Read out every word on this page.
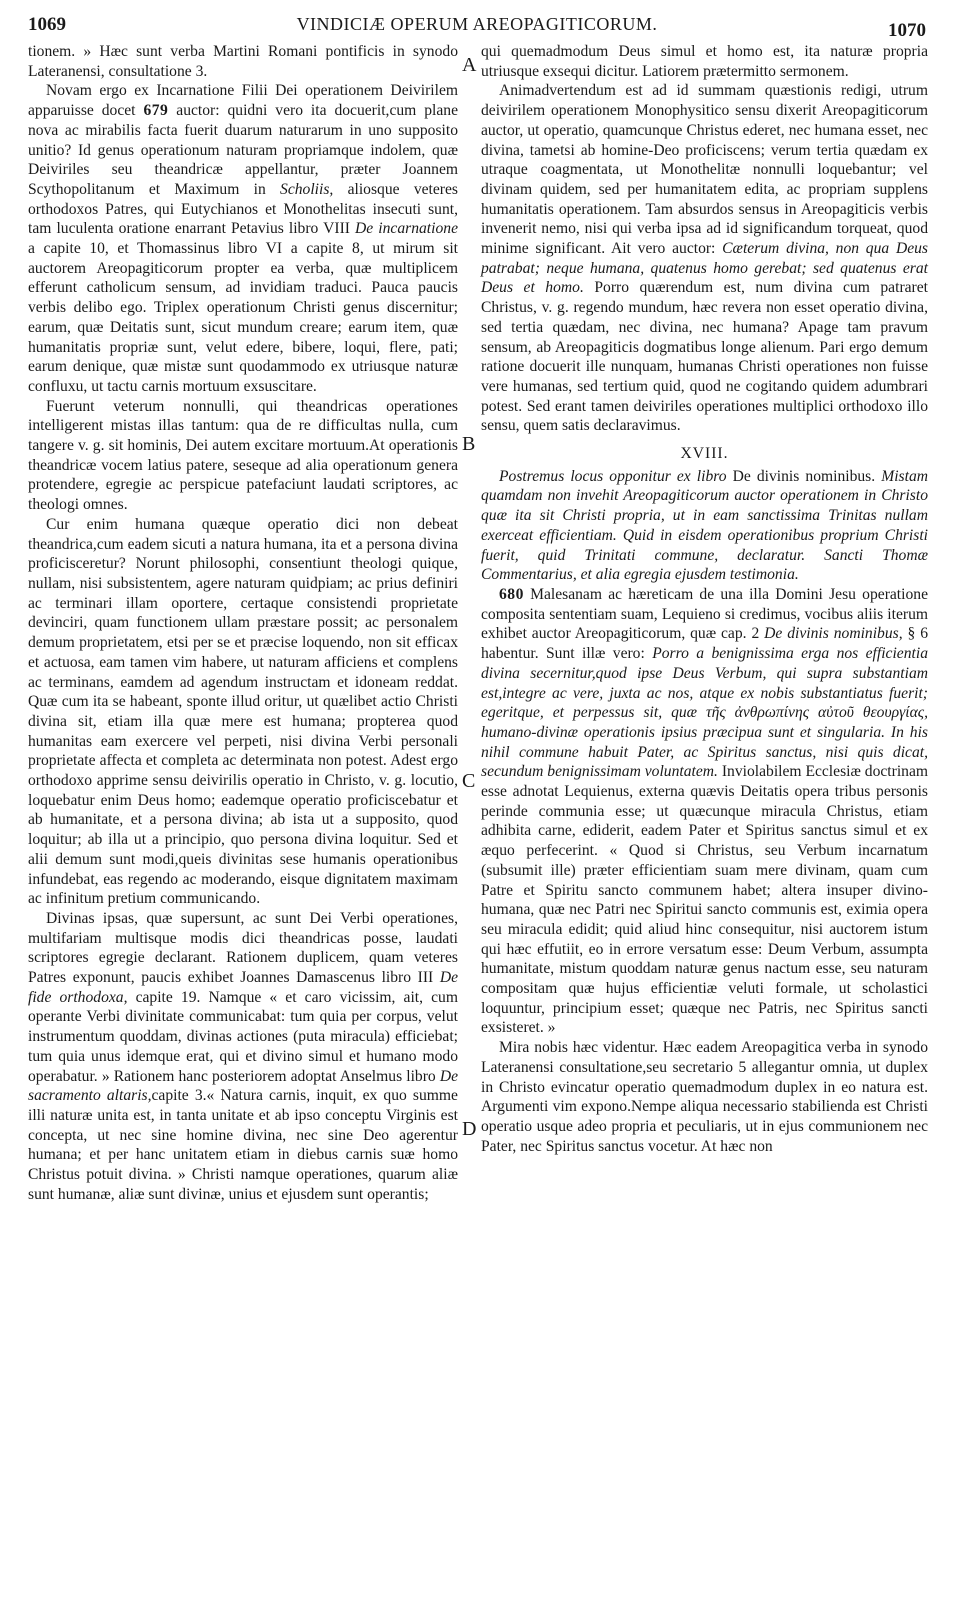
1069	VINDICIÆ OPERUM AREOPAGITICORUM.	1070

tionem. » Hæc sunt verba Martini Romani pontificis in synodo Lateranensi, consultatione 3.

Novam ergo ex Incarnatione Filii Dei operationem Deivirilem apparuisse docet 679 auctor: quidni vero ita docuerit,cum plane nova ac mirabilis facta fuerit duarum naturarum in uno supposito unitio? Id genus operationum naturam propriamque indolem, quæ Deiviriles seu theandricæ appellantur, præter Joannem Scythopolitanum et Maximum in Scholiis, aliosque veteres orthodoxos Patres, qui Eutychianos et Monothelitas insecuti sunt, tam luculenta oratione enarrant Petavius libro VIII De incarnatione a capite 10, et Thomassinus libro VI a capite 8, ut mirum sit auctorem Areopagiticorum propter ea verba, quæ multiplicem efferunt catholicum sensum, ad invidiam traduci. Pauca paucis verbis delibo ego. Triplex operationum Christi genus discernitur; earum, quæ Deitatis sunt, sicut mundum creare; earum item, quæ humanitatis propriæ sunt, velut edere, bibere, loqui, flere, pati; earum denique, quæ mistæ sunt quodammodo ex utriusque naturæ confluxu, ut tactu carnis mortuum exsuscitare.

Fuerunt veterum nonnulli, qui theandricas operationes intelligerent mistas illas tantum: qua de re difficultas nulla, cum tangere v. g. sit hominis, Dei autem excitare mortuum.At operationis theandricæ vocem latius patere, seseque ad alia operationum genera protendere, egregie ac perspicue patefaciunt laudati scriptores, ac theologi omnes.

Cur enim humana quæque operatio dici non debeat theandrica,cum eadem sicuti a natura humana, ita et a persona divina proficisceretur? Norunt philosophi, consentiunt theologi quique, nullam, nisi subsistentem, agere naturam quidpiam; ac prius definiri ac terminari illam oportere, certaque consistendi proprietate devinciri, quam functionem ullam præstare possit; ac personalem demum proprietatem, etsi per se et præcise loquendo, non sit efficax et actuosa, eam tamen vim habere, ut naturam afficiens et complens ac terminans, eamdem ad agendum instructam et idoneam reddat. Quæ cum ita se habeant, sponte illud oritur, ut quælibet actio Christi divina sit, etiam illa quæ mere est humana; propterea quod humanitas eam exercere vel perpeti, nisi divina Verbi personali proprietate affecta et completa ac determinata non potest. Adest ergo orthodoxo apprime sensu deivirilis operatio in Christo, v. g. locutio, loquebatur enim Deus homo; eademque operatio proficiscebatur et ab humanitate, et a persona divina; ab ista ut a supposito, quod loquitur; ab illa ut a principio, quo persona divina loquitur. Sed et alii demum sunt modi,queis divinitas sese humanis operationibus infundebat, eas regendo ac moderando, eisque dignitatem maximam ac infinitum pretium communicando.

Divinas ipsas, quæ supersunt, ac sunt Dei Verbi operationes, multifariam multisque modis dici theandricas posse, laudati scriptores egregie declarant. Rationem duplicem, quam veteres Patres exponunt, paucis exhibet Joannes Damascenus libro III De fide orthodoxa, capite 19. Namque « et caro vicissim, ait, cum operante Verbi divinitate communicabat: tum quia per corpus, velut instrumentum quoddam, divinas actiones (puta miracula) efficiebat; tum quia unus idemque erat, qui et divino simul et humano modo operabatur. » Rationem hanc posteriorem adoptat Anselmus libro De sacramento altaris,capite 3.« Natura carnis, inquit, ex quo summe illi naturæ unita est, in tanta unitate et ab ipso conceptu Virginis est concepta, ut nec sine homine divina, nec sine Deo agerentur humana; et per hanc unitatem etiam in diebus carnis suæ homo Christus potuit divina. » Christi namque operationes, quarum aliæ sunt humanæ, aliæ sunt divinæ, unius et ejusdem sunt operantis;

A
B
C
D

qui quemadmodum Deus simul et homo est, ita naturæ propria utriusque exsequi dicitur. Latiorem prætermitto sermonem.

Animadvertendum est ad id summam quæstionis redigi, utrum deivirilem operationem Monophysitico sensu dixerit Areopagiticorum auctor, ut operatio, quamcunque Christus ederet, nec humana esset, nec divina, tametsi ab homine-Deo proficiscens; verum tertia quædam ex utraque coagmentata, ut Monothelitæ nonnulli loquebantur; vel divinam quidem, sed per humanitatem edita, ac propriam supplens humanitatis operationem. Tam absurdos sensus in Areopagiticis verbis invenerit nemo, nisi qui verba ipsa ad id significandum torqueat, quod minime significant. Ait vero auctor: Cæterum divina, non qua Deus patrabat; neque humana, quatenus homo gerebat; sed quatenus erat Deus et homo. Porro quærendum est, num divina cum patraret Christus, v. g. regendo mundum, hæc revera non esset operatio divina, sed tertia quædam, nec divina, nec humana? Apage tam pravum sensum, ab Areopagiticis dogmatibus longe alienum. Pari ergo demum ratione docuerit ille nunquam, humanas Christi operationes non fuisse vere humanas, sed tertium quid, quod ne cogitando quidem adumbrari potest. Sed erant tamen deiviriles operationes multiplici orthodoxo illo sensu, quem satis declaravimus.

XVIII.

Postremus locus opponitur ex libro De divinis nominibus. Mistam quamdam non invehit Areopagiticorum auctor operationem in Christo quæ ita sit Christi propria, ut in eam sanctissima Trinitas nullam exerceat efficientiam. Quid in eisdem operationibus proprium Christi fuerit, quid Trinitati commune, declaratur. Sancti Thomæ Commentarius, et alia egregia ejusdem testimonia.

680 Malesanam ac hæreticam de una illa Domini Jesu operatione composita sententiam suam, Lequieno si credimus, vocibus aliis iterum exhibet auctor Areopagiticorum, quæ cap. 2 De divinis nominibus, § 6 habentur. Sunt illæ vero: Porro a benignissima erga nos efficientia divina secernitur,quod ipse Deus Verbum, qui supra substantiam est,integre ac vere, juxta ac nos, atque ex nobis substantiatus fuerit; egeritque, et perpessus sit, quæ τῆς ἀνθρωπίνης αὐτοῦ θεουργίας, humano-divinæ operationis ipsius præcipua sunt et singularia. In his nihil commune habuit Pater, ac Spiritus sanctus, nisi quis dicat, secundum benignissimam voluntatem. Inviolabilem Ecclesiæ doctrinam esse adnotat Lequienus, externa quævis Deitatis opera tribus personis perinde communia esse; ut quæcunque miracula Christus, etiam adhibita carne, ediderit, eadem Pater et Spiritus sanctus simul et ex æquo perfecerint. « Quod si Christus, seu Verbum incarnatum (subsumit ille) præter efficientiam suam mere divinam, quam cum Patre et Spiritu sancto communem habet; altera insuper divino-humana, quæ nec Patri nec Spiritui sancto communis est, eximia opera seu miracula edidit; quid aliud hinc consequitur, nisi auctorem istum qui hæc effutiit, eo in errore versatum esse: Deum Verbum, assumpta humanitate, mistum quoddam naturæ genus nactum esse, seu naturam compositam quæ hujus efficientiæ veluti formale, ut scholastici loquuntur, principium esset; quæque nec Patris, nec Spiritus sancti exsisteret. »

Mira nobis hæc videntur. Hæc eadem Areopagitica verba in synodo Lateranensi consultatione,seu secretario 5 allegantur omnia, ut duplex in Christo evincatur operatio quemadmodum duplex in eo natura est. Argumenti vim expono.Nempe aliqua necessario stabilienda est Christi operatio usque adeo propria et peculiaris, ut in ejus communionem nec Pater, nec Spiritus sanctus vocetur. At hæc non
